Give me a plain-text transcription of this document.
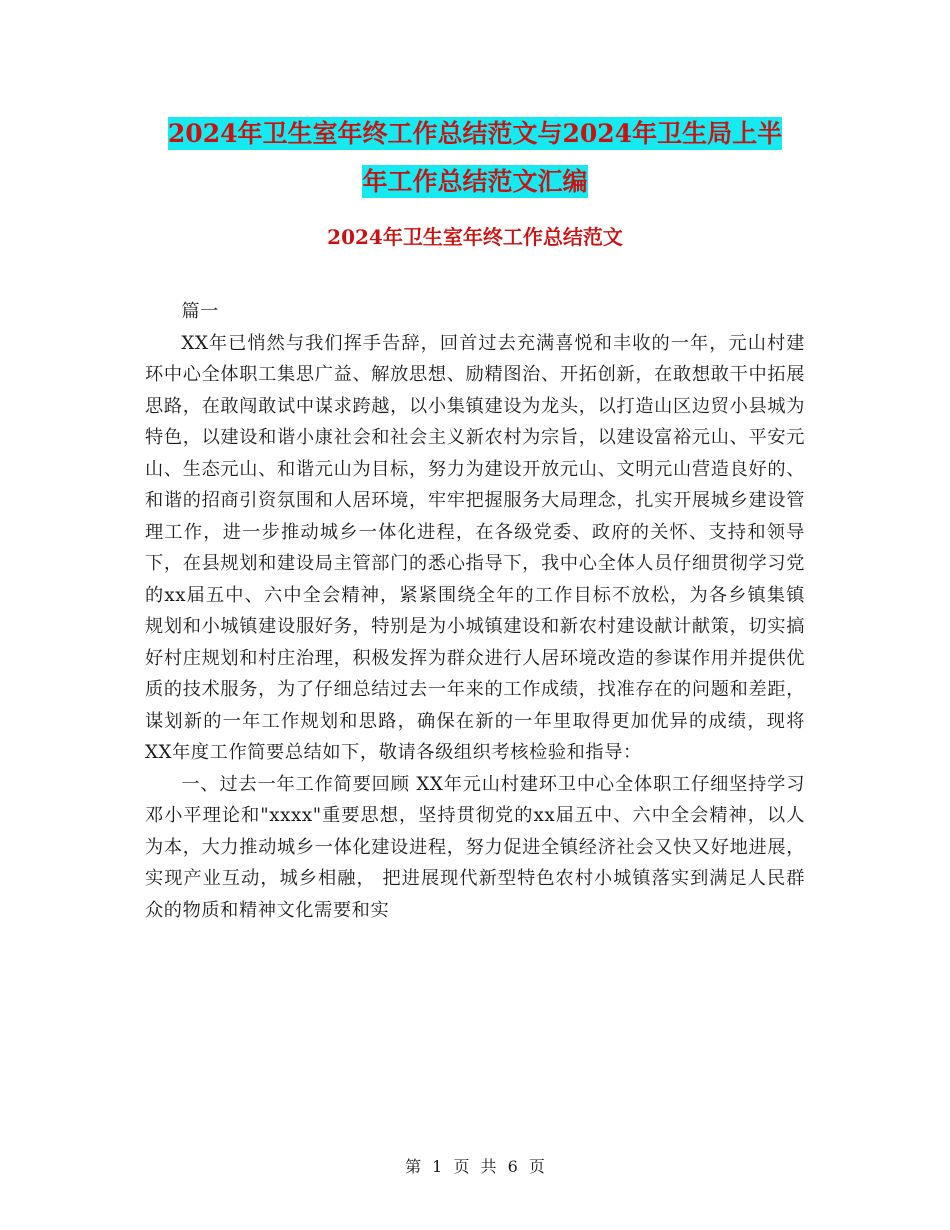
2024年卫生室年终工作总结范文与2024年卫生局上半
年工作总结范文汇编
2024年卫生室年终工作总结范文

篇一

XX年已悄然与我们挥手告辞，回首过去充满喜悦和丰收的一年，元山村建环中心全体职工集思广益、解放思想、励精图治、开拓创新，在敢想敢干中拓展思路，在敢闯敢试中谋求跨越，以小集镇建设为龙头，以打造山区边贸小县城为特色，以建设和谐小康社会和社会主义新农村为宗旨，以建设富裕元山、平安元山、生态元山、和谐元山为目标，努力为建设开放元山、文明元山营造良好的、和谐的招商引资氛围和人居环境，牢牢把握服务大局理念，扎实开展城乡建设管理工作，进一步推动城乡一体化进程，在各级党委、政府的关怀、支持和领导下，在县规划和建设局主管部门的悉心指导下，我中心全体人员仔细贯彻学习党的xx届五中、六中全会精神，紧紧围绕全年的工作目标不放松，为各乡镇集镇规划和小城镇建设服好务，特别是为小城镇建设和新农村建设献计献策，切实搞好村庄规划和村庄治理，积极发挥为群众进行人居环境改造的参谋作用并提供优质的技术服务，为了仔细总结过去一年来的工作成绩，找准存在的问题和差距，谋划新的一年工作规划和思路，确保在新的一年里取得更加优异的成绩，现将XX年度工作简要总结如下，敬请各级组织考核检验和指导：

一、过去一年工作简要回顾 XX年元山村建环卫中心全体职工仔细坚持学习邓小平理论和"xxxx"重要思想，坚持贯彻党的xx届五中、六中全会精神，以人为本，大力推动城乡一体化建设进程，努力促进全镇经济社会又快又好地进展，实现产业互动，城乡相融， 把进展现代新型特色农村小城镇落实到满足人民群众的物质和精神文化需要和实

第 1 页 共 6 页
